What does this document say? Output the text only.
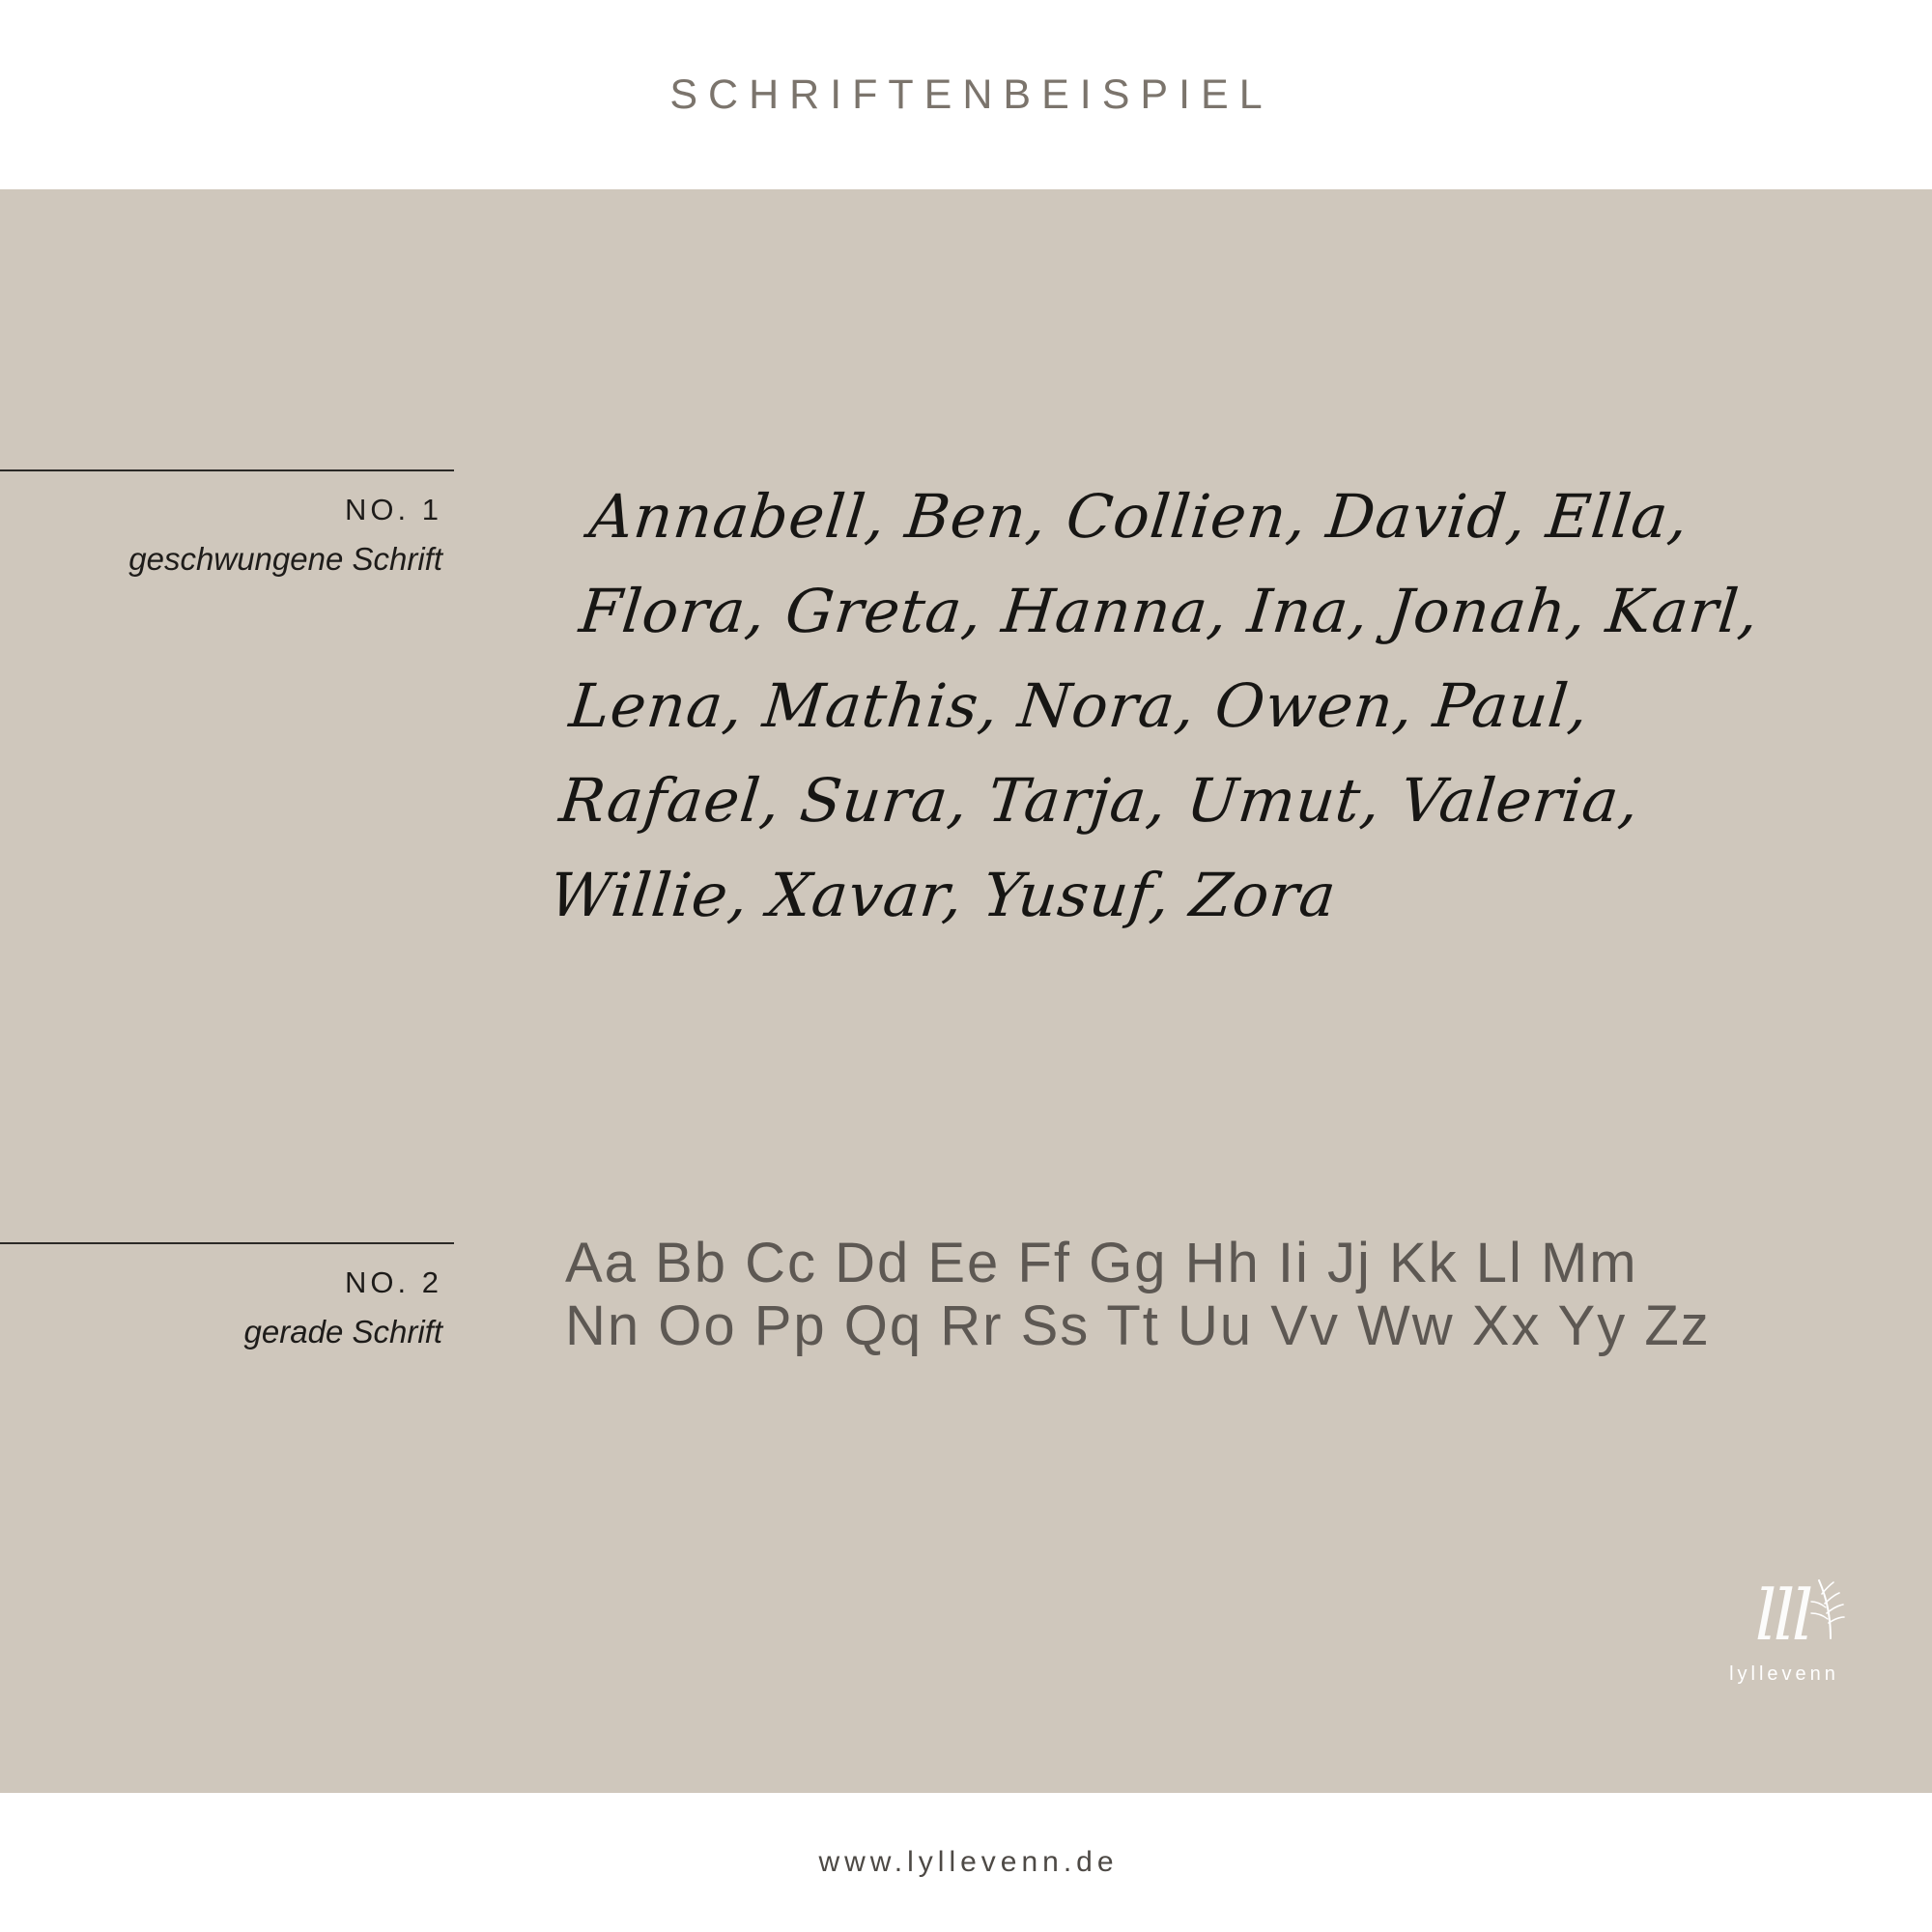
SCHRIFTENBEISPIEL
NO. 1
geschwungene Schrift
Annabell, Ben, Collien, David, Ella,
Flora, Greta, Hanna, Ina, Jonah, Karl,
Lena, Mathis, Nora, Owen, Paul,
Rafael, Sura, Tarja, Umut, Valeria,
Willie, Xavar, Yusuf, Zora
NO. 2
gerade Schrift
Aa Bb Cc Dd Ee Ff Gg Hh Ii Jj Kk Ll Mm
Nn Oo Pp Qq Rr Ss Tt Uu Vv Ww Xx Yy Zz
lll
lyllevenn
www.lyllevenn.de
